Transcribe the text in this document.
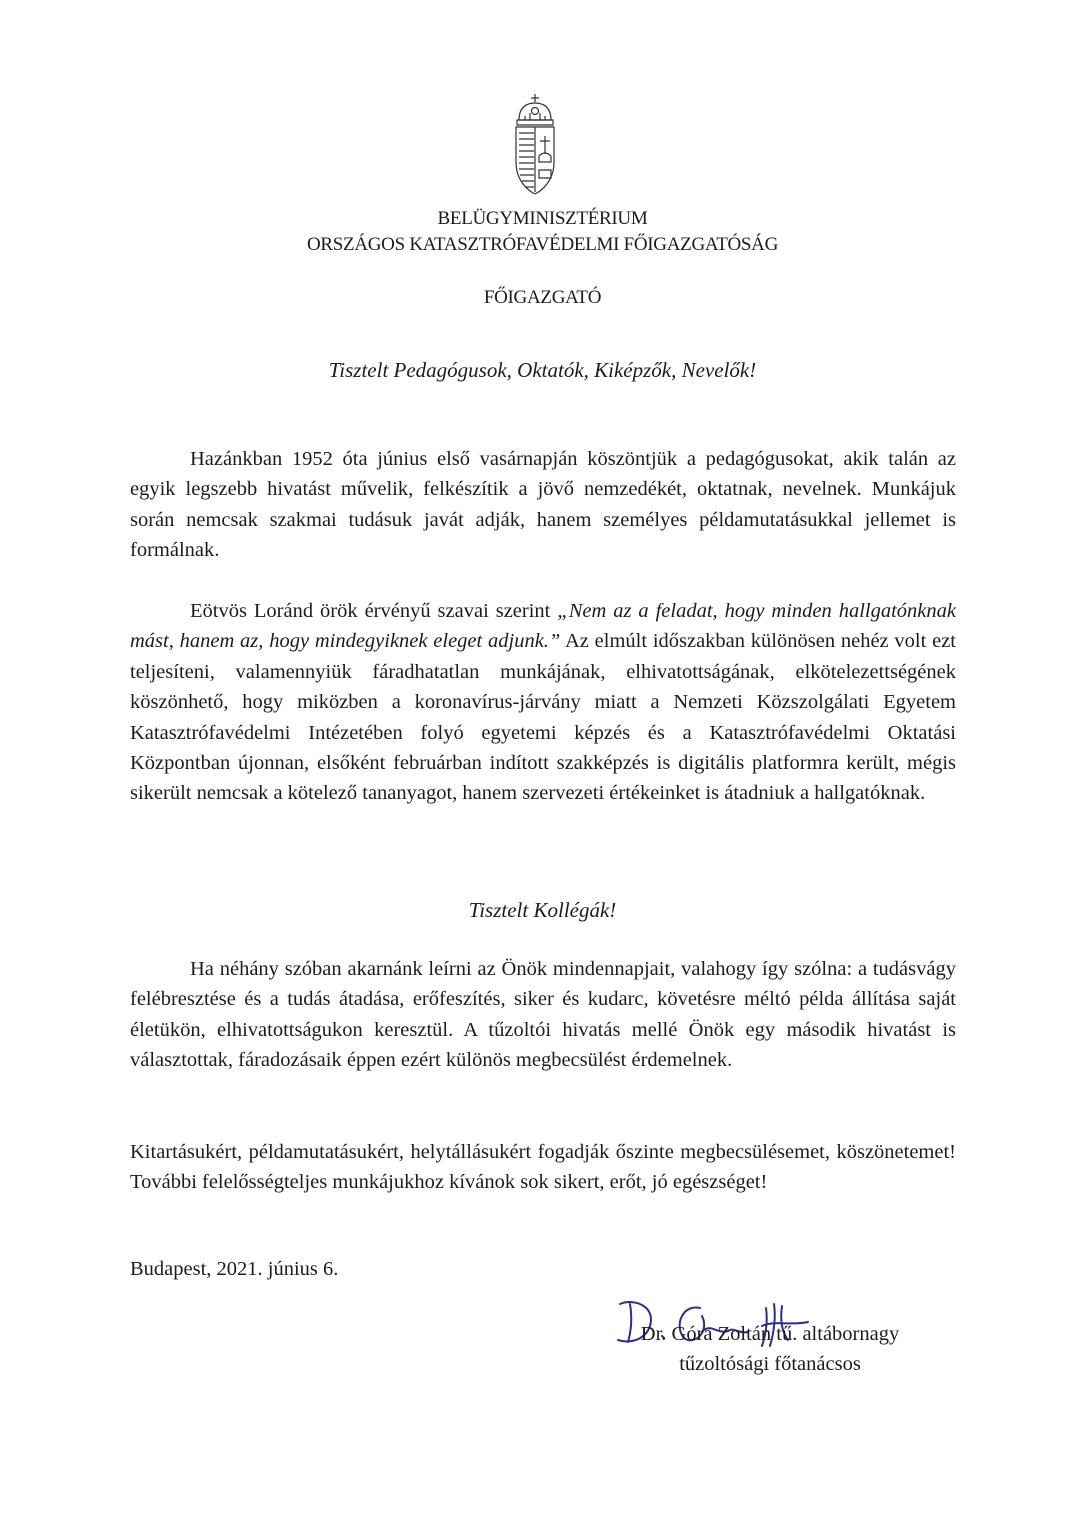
BELÜGYMINISZTÉRIUM
ORSZÁGOS KATASZTRÓFAVÉDELMI FŐIGAZGATÓSÁG
FŐIGAZGATÓ
Tisztelt Pedagógusok, Oktatók, Kiképzők, Nevelők!

Hazánkban 1952 óta június első vasárnapján köszöntjük a pedagógusokat, akik talán az egyik legszebb hivatást művelik, felkészítik a jövő nemzedékét, oktatnak, nevelnek. Munkájuk során nemcsak szakmai tudásuk javát adják, hanem személyes példamutatásukkal jellemet is formálnak.

Eötvös Loránd örök érvényű szavai szerint „Nem az a feladat, hogy minden hallgatónknak mást, hanem az, hogy mindegyiknek eleget adjunk.” Az elmúlt időszakban különösen nehéz volt ezt teljesíteni, valamennyiük fáradhatatlan munkájának, elhivatottságának, elkötelezettségének köszönhető, hogy miközben a koronavírus-járvány miatt a Nemzeti Közszolgálati Egyetem Katasztrófavédelmi Intézetében folyó egyetemi képzés és a Katasztrófavédelmi Oktatási Központban újonnan, elsőként februárban indított szakképzés is digitális platformra került, mégis sikerült nemcsak a kötelező tananyagot, hanem szervezeti értékeinket is átadniuk a hallgatóknak.

Tisztelt Kollégák!

Ha néhány szóban akarnánk leírni az Önök mindennapjait, valahogy így szólna: a tudásvágy felébresztése és a tudás átadása, erőfeszítés, siker és kudarc, követésre méltó példa állítása saját életükön, elhivatottságukon keresztül. A tűzoltói hivatás mellé Önök egy második hivatást is választottak, fáradozásaik éppen ezért különös megbecsülést érdemelnek.

Kitartásukért, példamutatásukért, helytállásukért fogadják őszinte megbecsülésemet, köszönetemet! További felelősségteljes munkájukhoz kívánok sok sikert, erőt, jó egészséget!

Budapest, 2021. június 6.
Dr. Góra Zoltán tű. altábornagy
tűzoltósági főtanácsos
